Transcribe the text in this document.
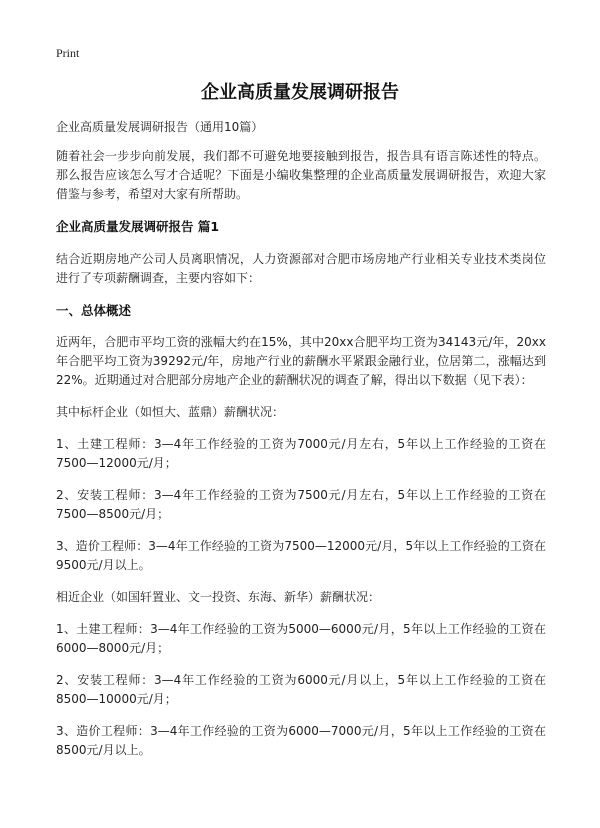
Print
企业高质量发展调研报告

企业高质量发展调研报告（通用10篇）

随着社会一步步向前发展，我们都不可避免地要接触到报告，报告具有语言陈述性的特点。那么报告应该怎么写才合适呢？下面是小编收集整理的企业高质量发展调研报告，欢迎大家借鉴与参考，希望对大家有所帮助。

企业高质量发展调研报告 篇1

结合近期房地产公司人员离职情况，人力资源部对合肥市场房地产行业相关专业技术类岗位进行了专项薪酬调查，主要内容如下：

一、总体概述

近两年，合肥市平均工资的涨幅大约在15%，其中20xx合肥平均工资为34143元/年，20xx年合肥平均工资为39292元/年，房地产行业的薪酬水平紧跟金融行业，位居第二，涨幅达到22%。近期通过对合肥部分房地产企业的薪酬状况的调查了解，得出以下数据（见下表）：

其中标杆企业（如恒大、蓝鼎）薪酬状况：

1、土建工程师：3—4年工作经验的工资为7000元/月左右，5年以上工作经验的工资在7500—12000元/月；

2、安装工程师：3—4年工作经验的工资为7500元/月左右，5年以上工作经验的工资在7500—8500元/月；

3、造价工程师：3—4年工作经验的工资为7500—12000元/月，5年以上工作经验的工资在9500元/月以上。

相近企业（如国轩置业、文一投资、东海、新华）薪酬状况：

1、土建工程师：3—4年工作经验的工资为5000—6000元/月，5年以上工作经验的工资在6000—8000元/月；

2、安装工程师：3—4年工作经验的工资为6000元/月以上，5年以上工作经验的工资在8500—10000元/月；

3、造价工程师：3—4年工作经验的工资为6000—7000元/月，5年以上工作经验的工资在8500元/月以上。
